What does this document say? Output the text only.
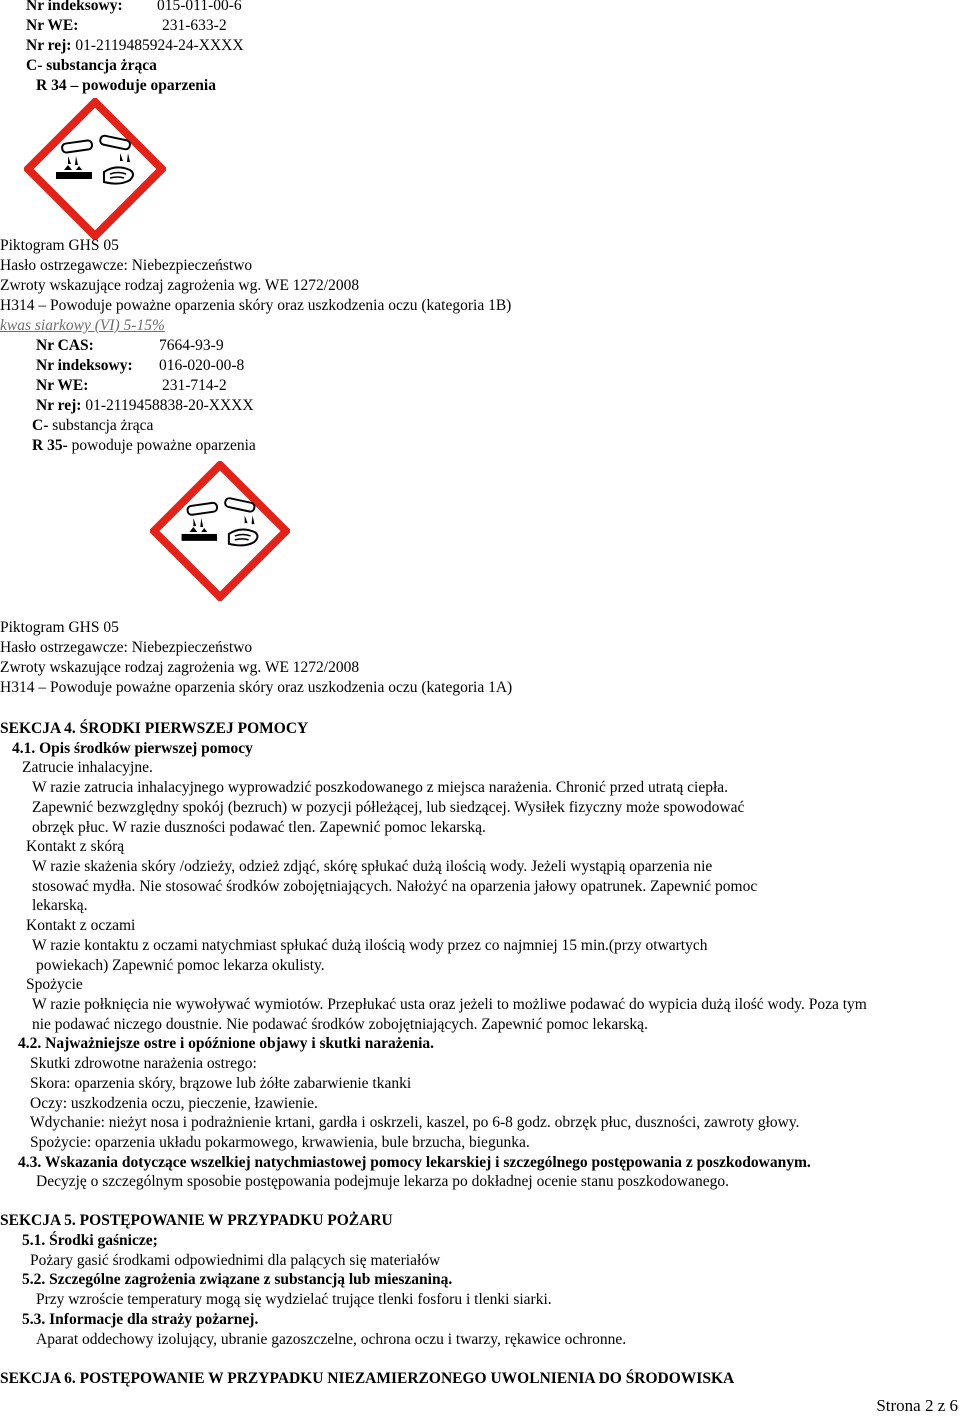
Nr indeksowy: 015-011-00-6
Nr WE:	231-633-2
Nr rej: 01-2119485924-24-XXXX
C- substancja żrąca
R 34 – powoduje oparzenia
Piktogram GHS 05
Hasło ostrzegawcze: Niebezpieczeństwo
Zwroty wskazujące rodzaj zagrożenia wg. WE 1272/2008
H314 – Powoduje poważne oparzenia skóry oraz uszkodzenia oczu (kategoria 1B)
kwas siarkowy (VI) 5-15%
Nr CAS:	7664-93-9
Nr indeksowy: 016-020-00-8
Nr WE:	231-714-2
Nr rej: 01-2119458838-20-XXXX
C- substancja żrąca
R 35- powoduje poważne oparzenia
Piktogram GHS 05
Hasło ostrzegawcze: Niebezpieczeństwo
Zwroty wskazujące rodzaj zagrożenia wg. WE 1272/2008
H314 – Powoduje poważne oparzenia skóry oraz uszkodzenia oczu (kategoria 1A)
SEKCJA 4. ŚRODKI PIERWSZEJ POMOCY
4.1. Opis środków pierwszej pomocy
Zatrucie inhalacyjne.
W razie zatrucia inhalacyjnego wyprowadzić poszkodowanego z miejsca narażenia. Chronić przed utratą ciepła.
Zapewnić bezwzględny spokój (bezruch) w pozycji półleżącej, lub siedzącej. Wysiłek fizyczny może spowodować
obrzęk płuc. W razie duszności podawać tlen. Zapewnić pomoc lekarską.
Kontakt z skórą
W razie skażenia skóry /odzieży, odzież zdjąć, skórę spłukać dużą ilością wody. Jeżeli wystąpią oparzenia nie
stosować mydła. Nie stosować środków zobojętniających. Nałożyć na oparzenia jałowy opatrunek. Zapewnić pomoc
lekarską.
Kontakt z oczami
W razie kontaktu z oczami natychmiast spłukać dużą ilością wody przez co najmniej 15 min.(przy otwartych
powiekach) Zapewnić pomoc lekarza okulisty.
Spożycie
W razie połknięcia nie wywoływać wymiotów. Przepłukać usta oraz jeżeli to możliwe podawać do wypicia dużą ilość wody. Poza tym
nie podawać niczego doustnie. Nie podawać środków zobojętniających. Zapewnić pomoc lekarską.
4.2. Najważniejsze ostre i opóźnione objawy i skutki narażenia.
Skutki zdrowotne narażenia ostrego:
Skora: oparzenia skóry, brązowe lub żółte zabarwienie tkanki
Oczy: uszkodzenia oczu, pieczenie, łzawienie.
Wdychanie: nieżyt nosa i podrażnienie krtani, gardła i oskrzeli, kaszel, po 6-8 godz. obrzęk płuc, duszności, zawroty głowy.
Spożycie: oparzenia układu pokarmowego, krwawienia, bule brzucha, biegunka.
4.3. Wskazania dotyczące wszelkiej natychmiastowej pomocy lekarskiej i szczególnego postępowania z poszkodowanym.
Decyzję o szczególnym sposobie postępowania podejmuje lekarza po dokładnej ocenie stanu poszkodowanego.
SEKCJA 5. POSTĘPOWANIE W PRZYPADKU POŻARU
5.1. Środki gaśnicze;
Pożary gasić środkami odpowiednimi dla palących się materiałów
5.2. Szczególne zagrożenia związane z substancją lub mieszaniną.
Przy wzroście temperatury mogą się wydzielać trujące tlenki fosforu i tlenki siarki.
5.3. Informacje dla straży pożarnej.
Aparat oddechowy izolujący, ubranie gazoszczelne, ochrona oczu i twarzy, rękawice ochronne.
SEKCJA 6. POSTĘPOWANIE W PRZYPADKU NIEZAMIERZONEGO UWOLNIENIA DO ŚRODOWISKA
Strona 2 z 6
